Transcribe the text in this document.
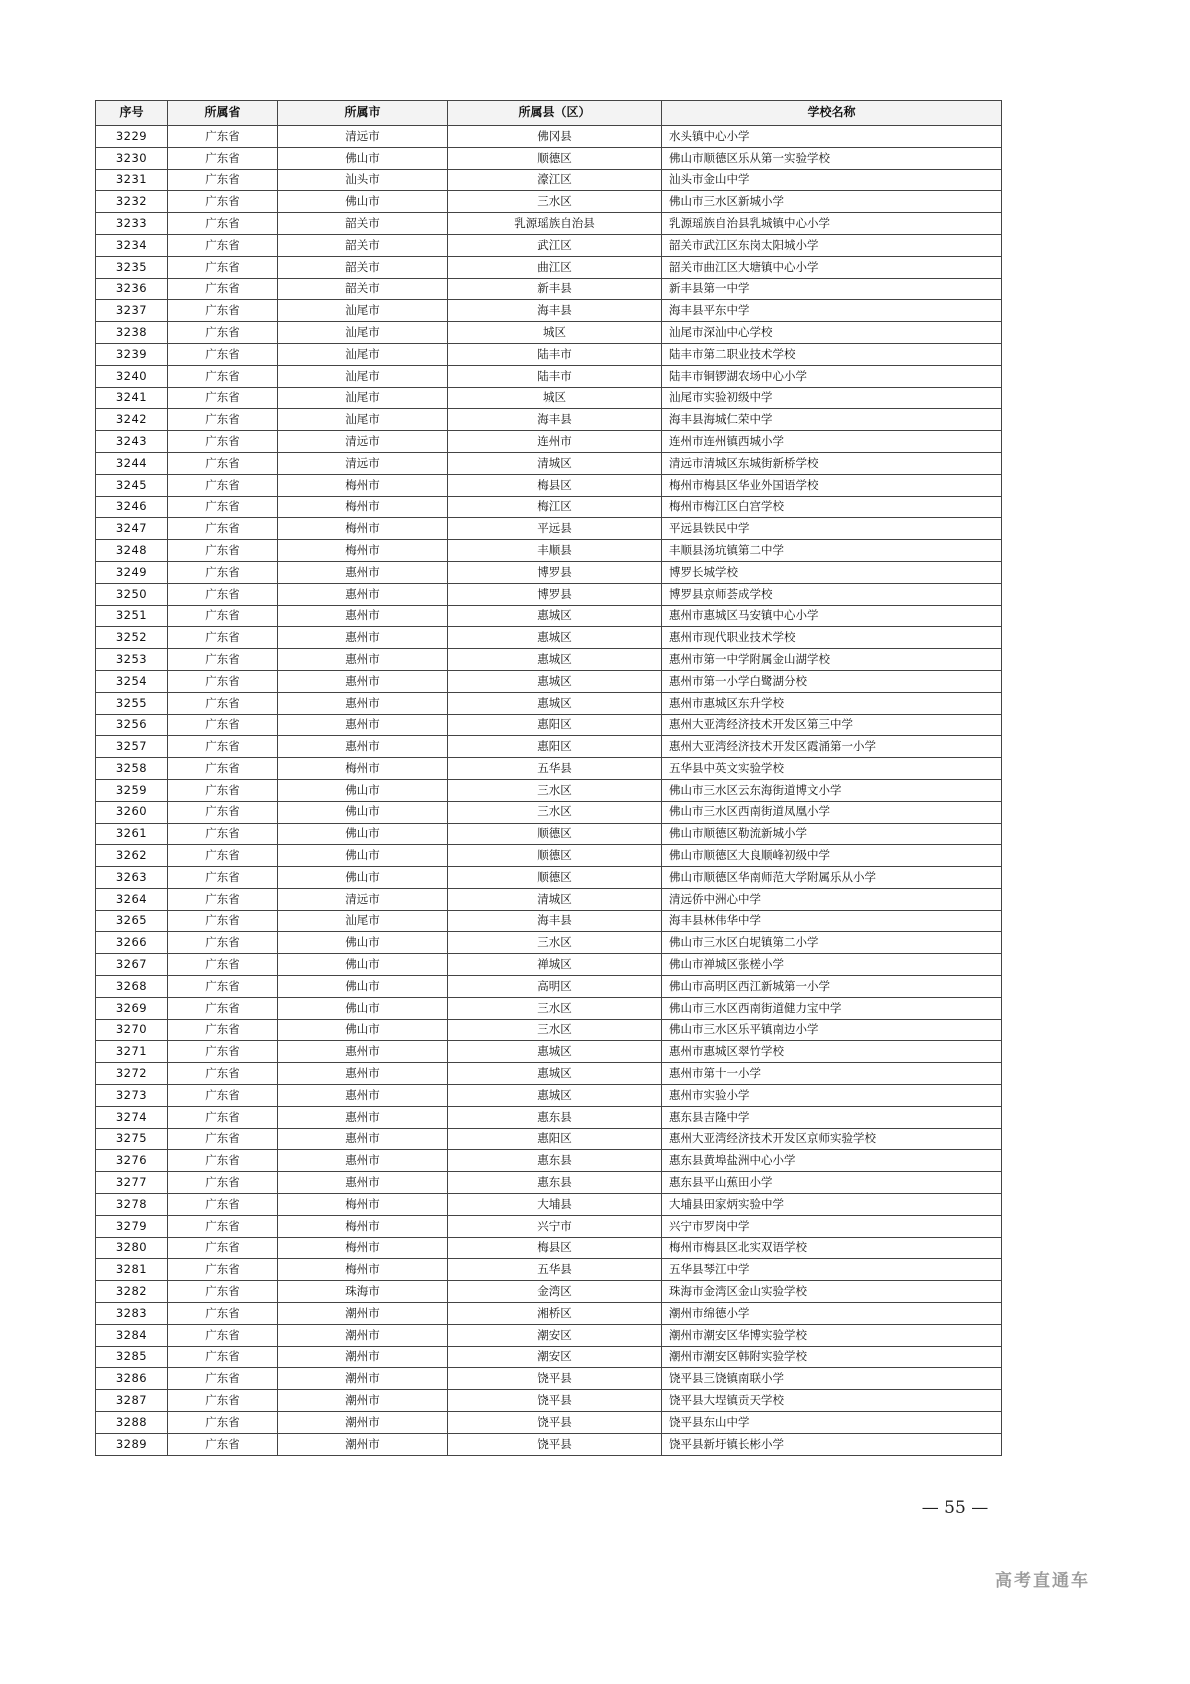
序号	所属省	所属市	所属县（区）	学校名称
3229	广东省	清远市	佛冈县	水头镇中心小学
3230	广东省	佛山市	顺德区	佛山市顺德区乐从第一实验学校
3231	广东省	汕头市	濠江区	汕头市金山中学
3232	广东省	佛山市	三水区	佛山市三水区新城小学
3233	广东省	韶关市	乳源瑶族自治县	乳源瑶族自治县乳城镇中心小学
3234	广东省	韶关市	武江区	韶关市武江区东岗太阳城小学
3235	广东省	韶关市	曲江区	韶关市曲江区大塘镇中心小学
3236	广东省	韶关市	新丰县	新丰县第一中学
3237	广东省	汕尾市	海丰县	海丰县平东中学
3238	广东省	汕尾市	城区	汕尾市深汕中心学校
3239	广东省	汕尾市	陆丰市	陆丰市第二职业技术学校
3240	广东省	汕尾市	陆丰市	陆丰市铜锣湖农场中心小学
3241	广东省	汕尾市	城区	汕尾市实验初级中学
3242	广东省	汕尾市	海丰县	海丰县海城仁荣中学
3243	广东省	清远市	连州市	连州市连州镇西城小学
3244	广东省	清远市	清城区	清远市清城区东城街新桥学校
3245	广东省	梅州市	梅县区	梅州市梅县区华业外国语学校
3246	广东省	梅州市	梅江区	梅州市梅江区白宫学校
3247	广东省	梅州市	平远县	平远县铁民中学
3248	广东省	梅州市	丰顺县	丰顺县汤坑镇第二中学
3249	广东省	惠州市	博罗县	博罗长城学校
3250	广东省	惠州市	博罗县	博罗县京师荟成学校
3251	广东省	惠州市	惠城区	惠州市惠城区马安镇中心小学
3252	广东省	惠州市	惠城区	惠州市现代职业技术学校
3253	广东省	惠州市	惠城区	惠州市第一中学附属金山湖学校
3254	广东省	惠州市	惠城区	惠州市第一小学白鹭湖分校
3255	广东省	惠州市	惠城区	惠州市惠城区东升学校
3256	广东省	惠州市	惠阳区	惠州大亚湾经济技术开发区第三中学
3257	广东省	惠州市	惠阳区	惠州大亚湾经济技术开发区霞涌第一小学
3258	广东省	梅州市	五华县	五华县中英文实验学校
3259	广东省	佛山市	三水区	佛山市三水区云东海街道博文小学
3260	广东省	佛山市	三水区	佛山市三水区西南街道凤凰小学
3261	广东省	佛山市	顺德区	佛山市顺德区勒流新城小学
3262	广东省	佛山市	顺德区	佛山市顺德区大良顺峰初级中学
3263	广东省	佛山市	顺德区	佛山市顺德区华南师范大学附属乐从小学
3264	广东省	清远市	清城区	清远侨中洲心中学
3265	广东省	汕尾市	海丰县	海丰县林伟华中学
3266	广东省	佛山市	三水区	佛山市三水区白坭镇第二小学
3267	广东省	佛山市	禅城区	佛山市禅城区张槎小学
3268	广东省	佛山市	高明区	佛山市高明区西江新城第一小学
3269	广东省	佛山市	三水区	佛山市三水区西南街道健力宝中学
3270	广东省	佛山市	三水区	佛山市三水区乐平镇南边小学
3271	广东省	惠州市	惠城区	惠州市惠城区翠竹学校
3272	广东省	惠州市	惠城区	惠州市第十一小学
3273	广东省	惠州市	惠城区	惠州市实验小学
3274	广东省	惠州市	惠东县	惠东县吉隆中学
3275	广东省	惠州市	惠阳区	惠州大亚湾经济技术开发区京师实验学校
3276	广东省	惠州市	惠东县	惠东县黄埠盐洲中心小学
3277	广东省	惠州市	惠东县	惠东县平山蕉田小学
3278	广东省	梅州市	大埔县	大埔县田家炳实验中学
3279	广东省	梅州市	兴宁市	兴宁市罗岗中学
3280	广东省	梅州市	梅县区	梅州市梅县区北实双语学校
3281	广东省	梅州市	五华县	五华县琴江中学
3282	广东省	珠海市	金湾区	珠海市金湾区金山实验学校
3283	广东省	潮州市	湘桥区	潮州市绵德小学
3284	广东省	潮州市	潮安区	潮州市潮安区华博实验学校
3285	广东省	潮州市	潮安区	潮州市潮安区韩附实验学校
3286	广东省	潮州市	饶平县	饶平县三饶镇南联小学
3287	广东省	潮州市	饶平县	饶平县大埕镇贡天学校
3288	广东省	潮州市	饶平县	饶平县东山中学
3289	广东省	潮州市	饶平县	饶平县新圩镇长彬小学
— 55 —
高考直通车
